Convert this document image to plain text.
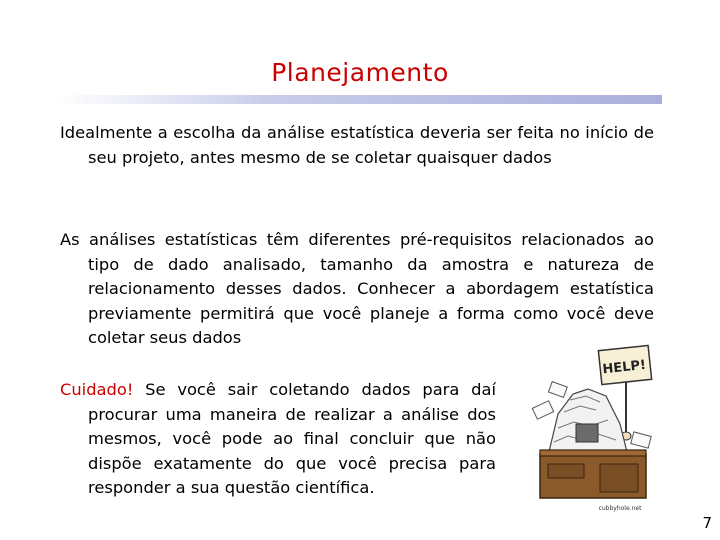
Planejamento
Idealmente a escolha da análise estatística deveria ser feita no início de seu projeto, antes mesmo de se coletar quaisquer dados
As análises estatísticas têm diferentes pré-requisitos relacionados ao tipo de dado analisado, tamanho da amostra e natureza de relacionamento desses dados. Conhecer a abordagem estatística previamente permitirá que você planeje a forma como você deve coletar seus dados
Cuidado! Se você sair coletando dados para daí procurar uma maneira de realizar a análise dos mesmos, você pode ao final concluir que não dispõe exatamente do que você precisa para responder a sua questão científica.
HELP!
cubbyhole.net
7
